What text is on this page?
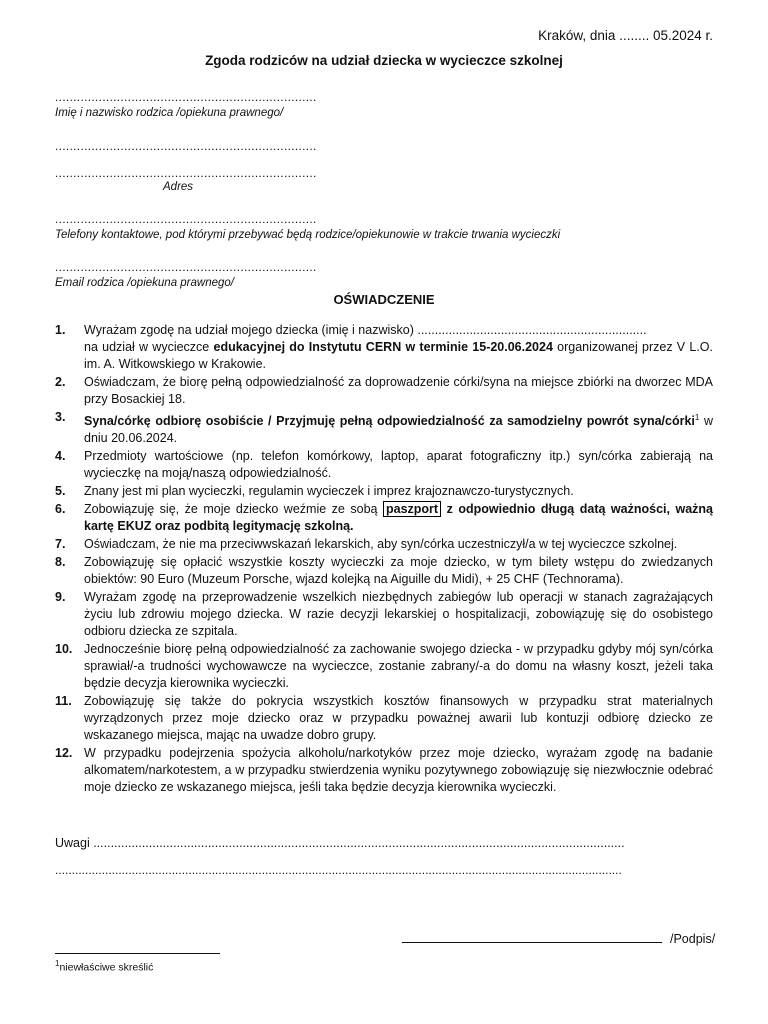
Kraków, dnia ........ 05.2024 r.
Zgoda rodziców na udział dziecka w wycieczce szkolnej
........................................................................
Imię i nazwisko rodzica /opiekuna prawnego/
........................................................................
........................................................................
Adres
........................................................................
Telefony kontaktowe, pod którymi przebywać będą rodzice/opiekunowie w trakcie trwania wycieczki
........................................................................
Email rodzica /opiekuna prawnego/
OŚWIADCZENIE
1. Wyrażam zgodę na udział mojego dziecka (imię i nazwisko) ..................................................................
na udział w wycieczce edukacyjnej do Instytutu CERN w terminie 15-20.06.2024 organizowanej przez V L.O. im. A. Witkowskiego w Krakowie.
2. Oświadczam, że biorę pełną odpowiedzialność za doprowadzenie córki/syna na miejsce zbiórki na dworzec MDA przy Bosackiej 18.
3. Syna/córkę odbiorę osobiście / Przyjmuję pełną odpowiedzialność za samodzielny powrót syna/córki$^1$ w dniu 20.06.2024.
4. Przedmioty wartościowe (np. telefon komórkowy, laptop, aparat fotograficzny itp.) syn/córka zabierają na wycieczkę na moją/naszą odpowiedzialność.
5. Znany jest mi plan wycieczki, regulamin wycieczek i imprez krajoznawczo-turystycznych.
6. Zobowiązuję się, że moje dziecko weźmie ze sobą paszport z odpowiednio długą datą ważności, ważną kartę EKUZ oraz podbitą legitymację szkolną.
7. Oświadczam, że nie ma przeciwwskazań lekarskich, aby syn/córka uczestniczył/a w tej wycieczce szkolnej.
8. Zobowiązuję się opłacić wszystkie koszty wycieczki za moje dziecko, w tym bilety wstępu do zwiedzanych obiektów: 90 Euro (Muzeum Porsche, wjazd kolejką na Aiguille du Midi), + 25 CHF (Technorama).
9. Wyrażam zgodę na przeprowadzenie wszelkich niezbędnych zabiegów lub operacji w stanach zagrażających życiu lub zdrowiu mojego dziecka. W razie decyzji lekarskiej o hospitalizacji, zobowiązuję się do osobistego odbioru dziecka ze szpitala.
10. Jednocześnie biorę pełną odpowiedzialność za zachowanie swojego dziecka - w przypadku gdyby mój syn/córka sprawiał/-a trudności wychowawcze na wycieczce, zostanie zabrany/-a do domu na własny koszt, jeżeli taka będzie decyzja kierownika wycieczki.
11. Zobowiązuję się także do pokrycia wszystkich kosztów finansowych w przypadku strat materialnych wyrządzonych przez moje dziecko oraz w przypadku poważnej awarii lub kontuzji odbiorę dziecko ze wskazanego miejsca, mając na uwadze dobro grupy.
12. W przypadku podejrzenia spożycia alkoholu/narkotyków przez moje dziecko, wyrażam zgodę na badanie alkomatem/narkotestem, a w przypadku stwierdzenia wyniku pozytywnego zobowiązuję się niezwłocznie odebrać moje dziecko ze wskazanego miejsca, jeśli taka będzie decyzja kierownika wycieczki.
Uwagi .........................................................................................................................................................
..........................................................................................................................................................................
/Podpis/
$^1$niewłaściwe skreślić
